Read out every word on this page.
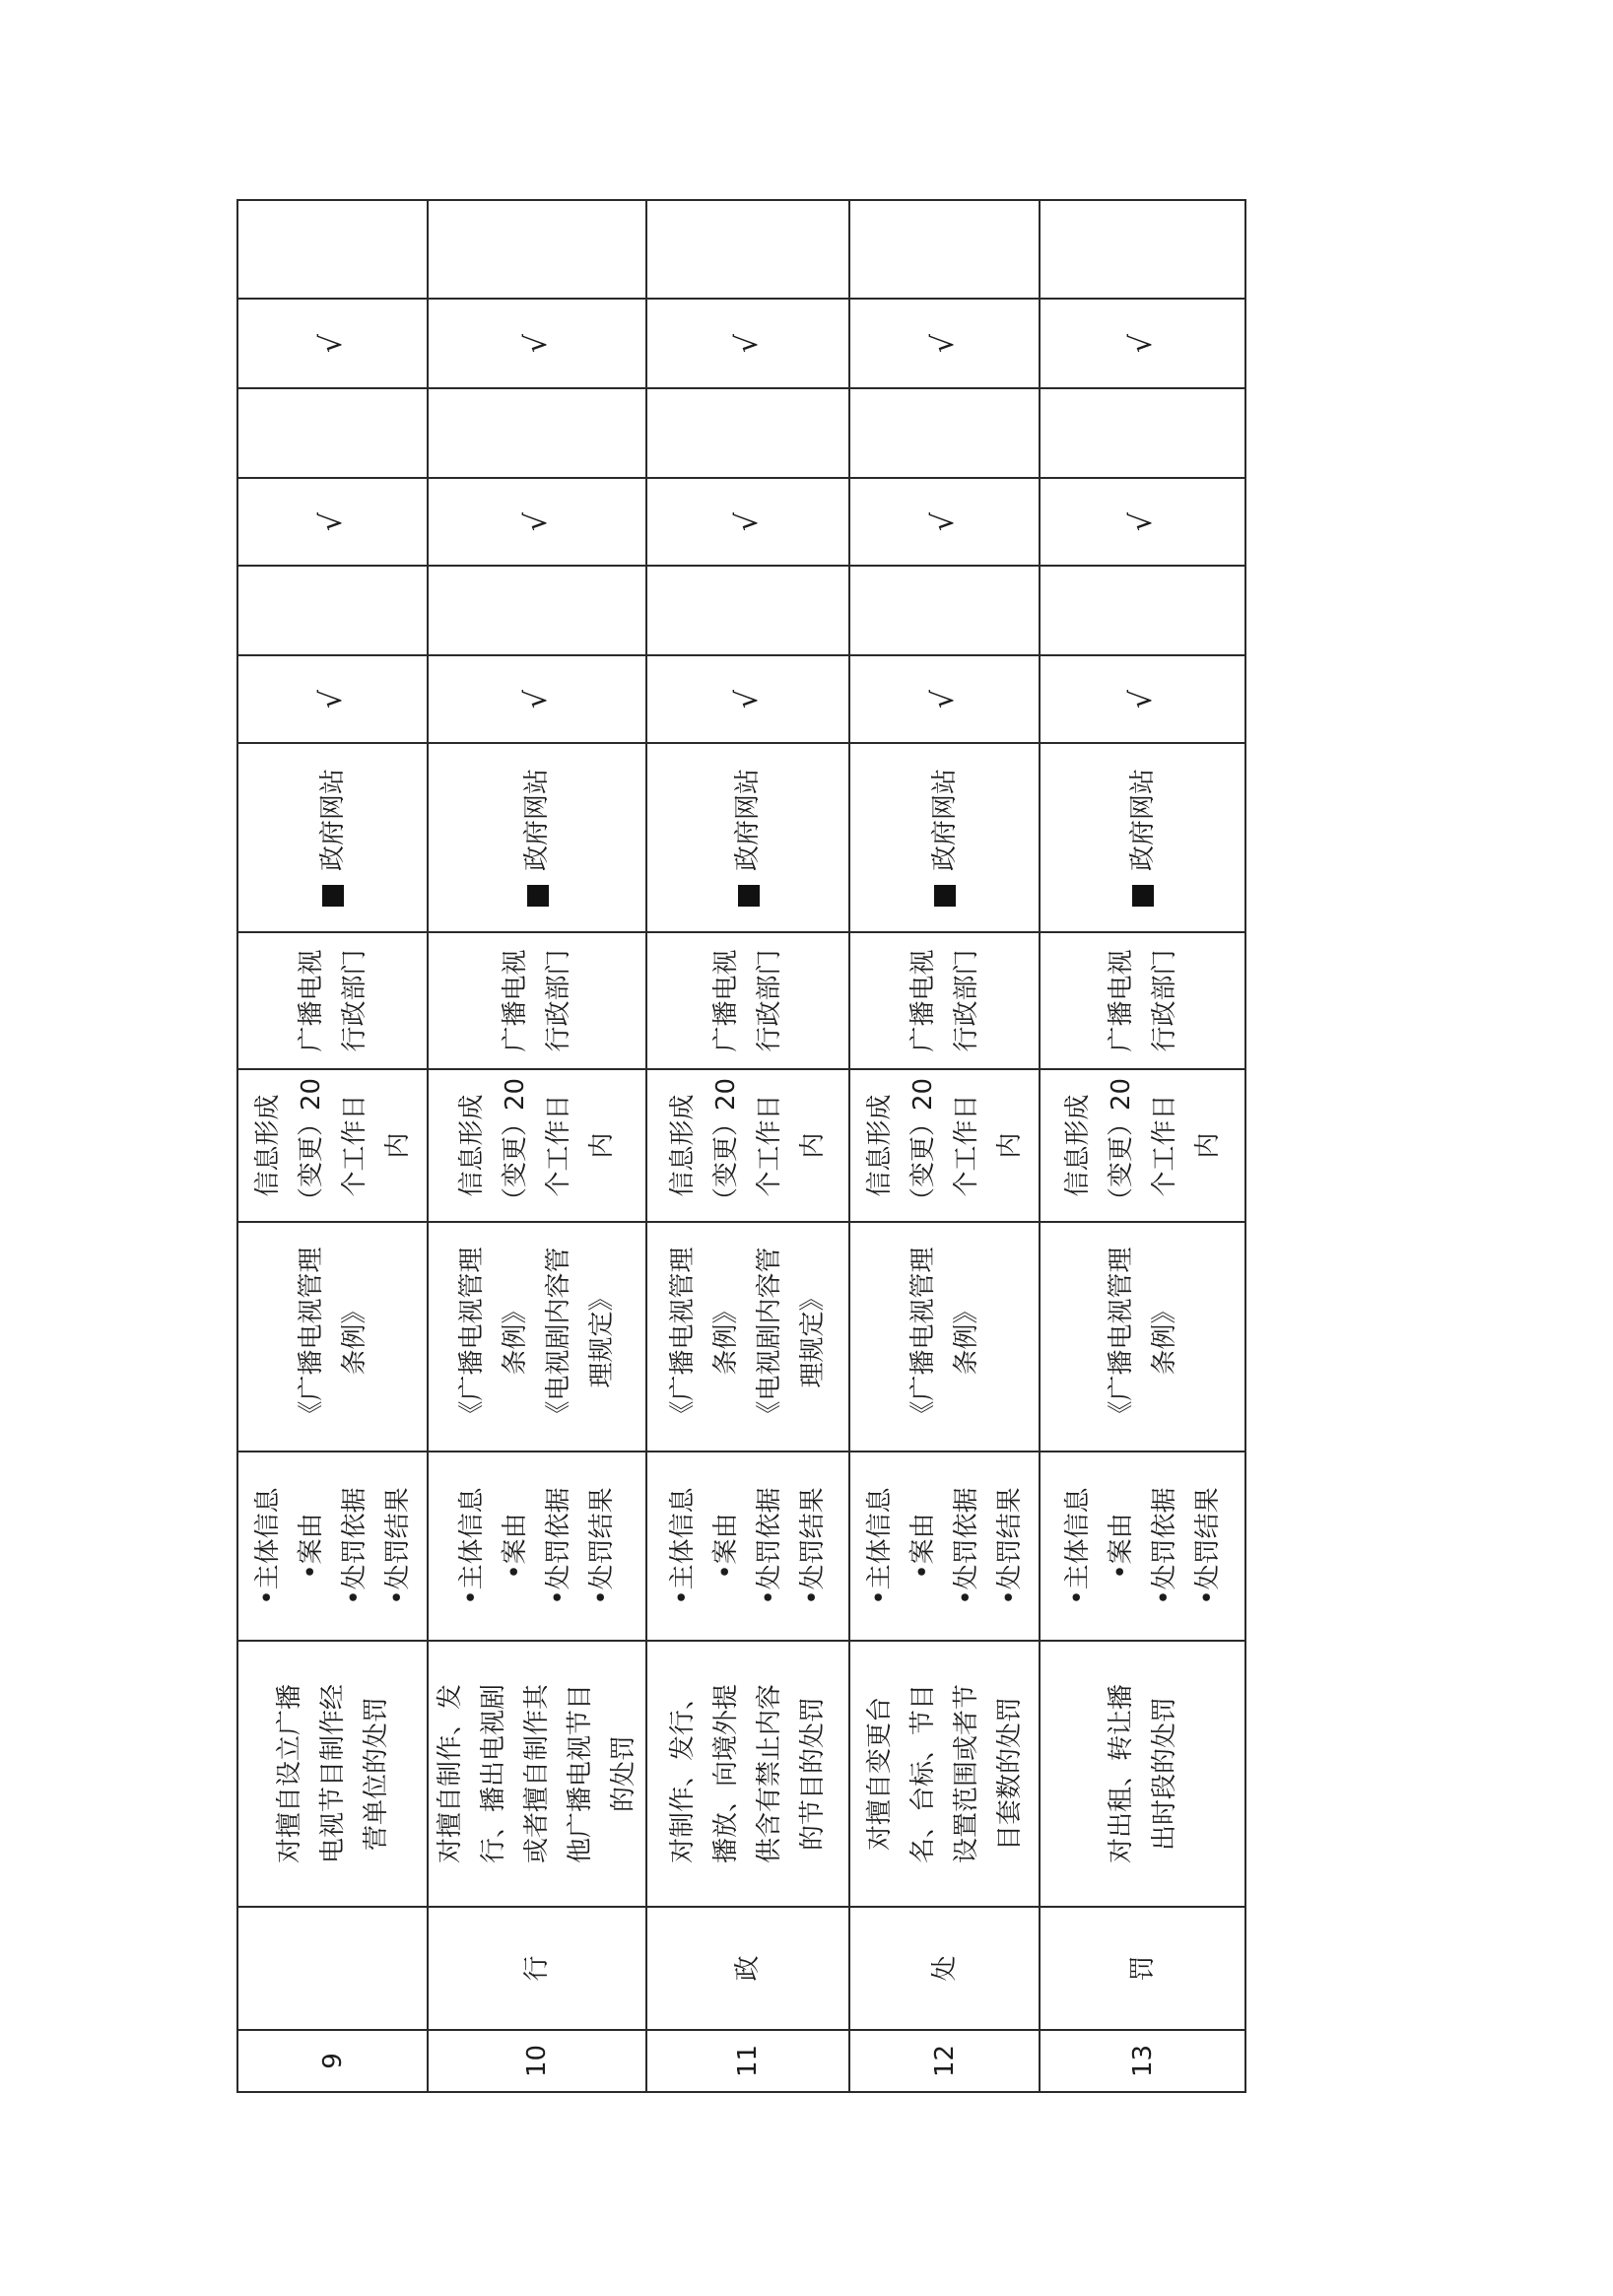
9		对擅自设立广播 电视节目制作经 营单位的处罚	•主体信息 •案由 •处罚依据 •处罚结果	《广播电视管理 条例》	信息形成 （变更）20 个工作日 内	广播电视 行政部门	政府网站	√		√		√	
10	行	对擅自制作、发 行、播出电视剧 或者擅自制作其 他广播电视节目 的处罚	•主体信息 •案由 •处罚依据 •处罚结果	《广播电视管理 条例》 《电视剧内容管 理规定》	信息形成 （变更）20 个工作日 内	广播电视 行政部门	政府网站	√		√		√	
11	政	对制作、发行、 播放、向境外提 供含有禁止内容 的节目的处罚	•主体信息 •案由 •处罚依据 •处罚结果	《广播电视管理 条例》 《电视剧内容管 理规定》	信息形成 （变更）20 个工作日 内	广播电视 行政部门	政府网站	√		√		√	
12	处	对擅自变更台 名、台标、节目 设置范围或者节 目套数的处罚	•主体信息 •案由 •处罚依据 •处罚结果	《广播电视管理 条例》	信息形成 （变更）20 个工作日 内	广播电视 行政部门	政府网站	√		√		√	
13	罚	对出租、转让播 出时段的处罚	•主体信息 •案由 •处罚依据 •处罚结果	《广播电视管理 条例》	信息形成 （变更）20 个工作日 内	广播电视 行政部门	政府网站	√		√		√	
